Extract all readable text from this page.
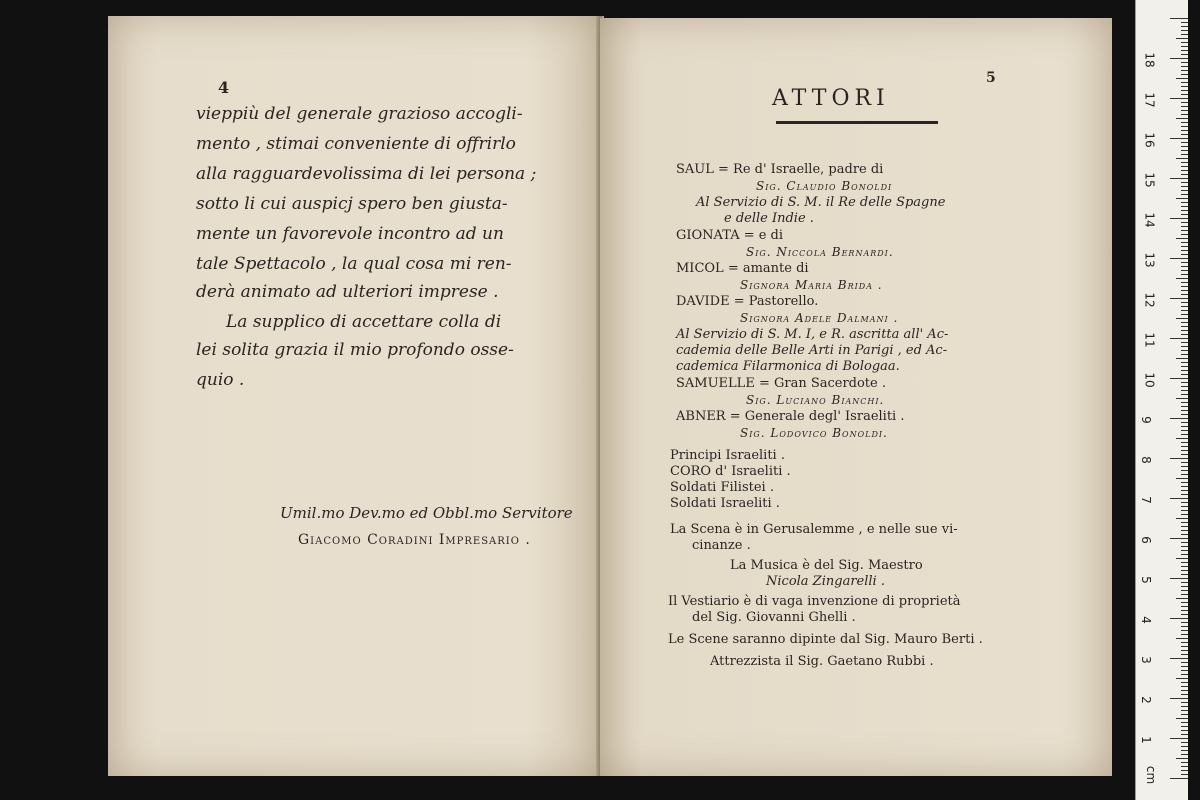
4
vieppiù del generale grazioso accogli-
mento , stimai conveniente di offrirlo
alla ragguardevolissima di lei persona ;
sotto li cui auspicj spero ben giusta-
mente un favorevole incontro ad un
tale Spettacolo , la qual cosa mi ren-
derà animato ad ulteriori imprese .
La supplico di accettare colla di
lei solita grazia il mio profondo osse-
quio .
Umil.mo Dev.mo ed Obbl.mo Servitore
Giacomo Coradini Impresario .
5
ATTORI
SAUL = Re d' Israelle, padre di
Sig. Claudio Bonoldi
Al Servizio di S. M. il Re delle Spagne
e delle Indie .
GIONATA = e di
Sig. Niccola Bernardi.
MICOL = amante di
Signora Maria Brida .
DAVIDE = Pastorello.
Signora Adele Dalmani .
Al Servizio di S. M. I, e R. ascritta all' Ac-
cademia delle Belle Arti in Parigi , ed Ac-
cademica Filarmonica di Bologaa.
SAMUELLE = Gran Sacerdote .
Sig. Luciano Bianchi.
ABNER = Generale degl' Israeliti .
Sig. Lodovico Bonoldi.
Principi Israeliti .
CORO d' Israeliti .
Soldati Filistei .
Soldati Israeliti .
La Scena è in Gerusalemme , e nelle sue vi-
cinanze .
La Musica è del Sig. Maestro
Nicola Zingarelli .
Il Vestiario è di vaga invenzione di proprietà
del Sig. Giovanni Ghelli .
Le Scene saranno dipinte dal Sig. Mauro Berti .
Attrezzista il Sig. Gaetano Rubbi .
cm
1
2
3
4
5
6
7
8
9
10
11
12
13
14
15
16
17
18
